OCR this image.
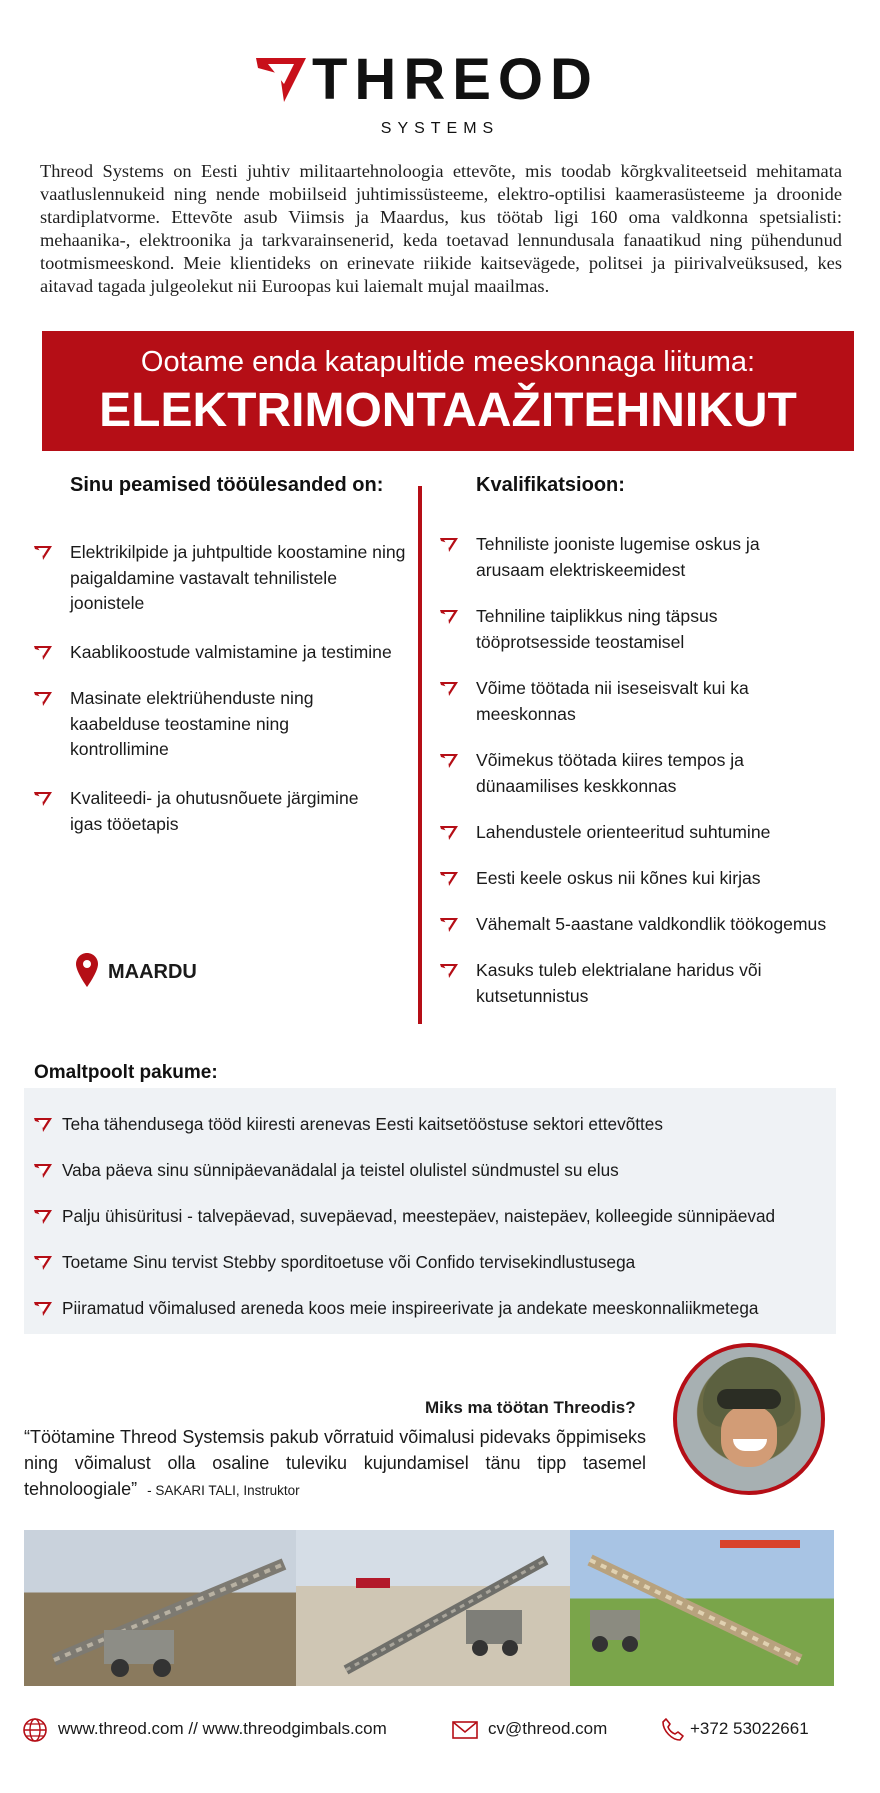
THREOD
SYSTEMS

Threod Systems on Eesti juhtiv militaartehnoloogia ettevõte, mis toodab kõrgkvaliteetseid mehitamata vaatluslennukeid ning nende mobiilseid juhtimissüsteeme, elektro-optilisi kaamerasüsteeme ja droonide stardiplatvorme. Ettevõte asub Viimsis ja Maardus, kus töötab ligi 160 oma valdkonna spetsialisti: mehaanika-, elektroonika ja tarkvarainsenerid, keda toetavad lennundusala fanaatikud ning pühendunud tootmismeeskond. Meie klientideks on erinevate riikide kaitsevägede, politsei ja piirivalveüksused, kes aitavad tagada julgeolekut nii Euroopas kui laiemalt mujal maailmas.

Ootame enda katapultide meeskonnaga liituma:
ELEKTRIMONTAAŽITEHNIKUT
Sinu peamised tööülesanded on:
Elektrikilpide ja juhtpultide koostamine ning paigaldamine vastavalt tehnilistele joonistele
Kaablikoostude valmistamine ja testimine
Masinate elektriühenduste ning kaabelduse teostamine ning kontrollimine
Kvaliteedi- ja ohutusnõuete järgimine igas tööetapis
MAARDU
Kvalifikatsioon:
Tehniliste jooniste lugemise oskus ja arusaam elektriskeemidest
Tehniline taiplikkus ning täpsus tööprotsesside teostamisel
Võime töötada nii iseseisvalt kui ka meeskonnas
Võimekus töötada kiires tempos ja dünaamilises keskkonnas
Lahendustele orienteeritud suhtumine
Eesti keele oskus nii kõnes kui kirjas
Vähemalt 5-aastane valdkondlik töökogemus
Kasuks tuleb elektrialane haridus või kutsetunnistus
Omaltpoolt pakume:
Teha tähendusega tööd kiiresti arenevas Eesti kaitsetööstuse sektori ettevõttes
Vaba päeva sinu sünnipäevanädalal ja teistel olulistel sündmustel su elus
Palju ühisüritusi - talvepäevad, suvepäevad, meestepäev, naistepäev, kolleegide sünnipäevad
Toetame Sinu tervist Stebby sporditoetuse või Confido tervisekindlustusega
Piiramatud võimalused areneda koos meie inspireerivate ja andekate meeskonnaliikmetega
Miks ma töötan Threodis?

“Töötamine Threod Systemsis pakub võrratuid võimalusi pidevaks õppimiseks ning võimalust olla osaline tuleviku kujundamisel tänu tipp tasemel tehnoloogiale” - SAKARI TALI, Instruktor

www.threod.com // www.threodgimbals.com	cv@threod.com	+372 53022661
